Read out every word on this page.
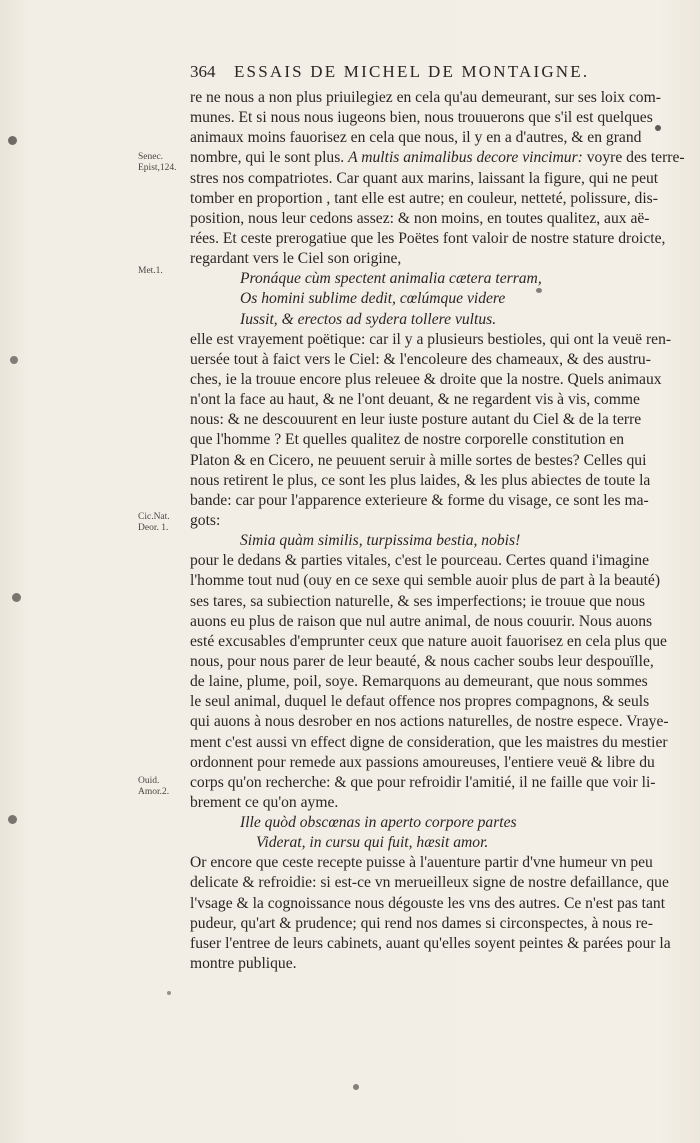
364 ESSAIS DE MICHEL DE MONTAIGNE.
Senec.
Epist,124.
Met.1.
Cic.Nat.
Deor. 1.
Ouid.
Amor.2.
re ne nous a non plus priuilegiez en cela qu'au demeurant, sur ses loix com-
munes. Et si nous nous iugeons bien, nous trouuerons que s'il est quelques
animaux moins fauorisez en cela que nous, il y en a d'autres, & en grand
nombre, qui le sont plus. A multis animalibus decore vincimur: voyre des terre-
stres nos compatriotes. Car quant aux marins, laissant la figure, qui ne peut
tomber en proportion , tant elle est autre; en couleur, netteté, polissure, dis-
position, nous leur cedons assez: & non moins, en toutes qualitez, aux aë-
rées. Et ceste prerogatiue que les Poëtes font valoir de nostre stature droicte,
regardant vers le Ciel son origine,
Pronáque cùm spectent animalia cætera terram,
Os homini sublime dedit, cœlúmque videre
Iussit, & erectos ad sydera tollere vultus.
elle est vrayement poëtique: car il y a plusieurs bestioles, qui ont la veuë ren-
uersée tout à faict vers le Ciel: & l'encoleure des chameaux, & des austru-
ches, ie la trouue encore plus releuee & droite que la nostre. Quels animaux
n'ont la face au haut, & ne l'ont deuant, & ne regardent vis à vis, comme
nous: & ne descouurent en leur iuste posture autant du Ciel & de la terre
que l'homme ? Et quelles qualitez de nostre corporelle constitution en
Platon & en Cicero, ne peuuent seruir à mille sortes de bestes? Celles qui
nous retirent le plus, ce sont les plus laides, & les plus abiectes de toute la
bande: car pour l'apparence exterieure & forme du visage, ce sont les ma-
gots:
Simia quàm similis, turpissima bestia, nobis!
pour le dedans & parties vitales, c'est le pourceau. Certes quand i'imagine
l'homme tout nud (ouy en ce sexe qui semble auoir plus de part à la beauté)
ses tares, sa subiection naturelle, & ses imperfections; ie trouue que nous
auons eu plus de raison que nul autre animal, de nous couurir. Nous auons
esté excusables d'emprunter ceux que nature auoit fauorisez en cela plus que
nous, pour nous parer de leur beauté, & nous cacher soubs leur despouïlle,
de laine, plume, poil, soye. Remarquons au demeurant, que nous sommes
le seul animal, duquel le defaut offence nos propres compagnons, & seuls
qui auons à nous desrober en nos actions naturelles, de nostre espece. Vraye-
ment c'est aussi vn effect digne de consideration, que les maistres du mestier
ordonnent pour remede aux passions amoureuses, l'entiere veuë & libre du
corps qu'on recherche: & que pour refroidir l'amitié, il ne faille que voir li-
brement ce qu'on ayme.
Ille quòd obscœnas in aperto corpore partes
Viderat, in cursu qui fuit, hæsit amor.
Or encore que ceste recepte puisse à l'auenture partir d'vne humeur vn peu
delicate & refroidie: si est-ce vn merueilleux signe de nostre defaillance, que
l'vsage & la cognoissance nous dégouste les vns des autres. Ce n'est pas tant
pudeur, qu'art & prudence; qui rend nos dames si circonspectes, à nous re-
fuser l'entree de leurs cabinets, auant qu'elles soyent peintes & parées pour la
montre publique.
